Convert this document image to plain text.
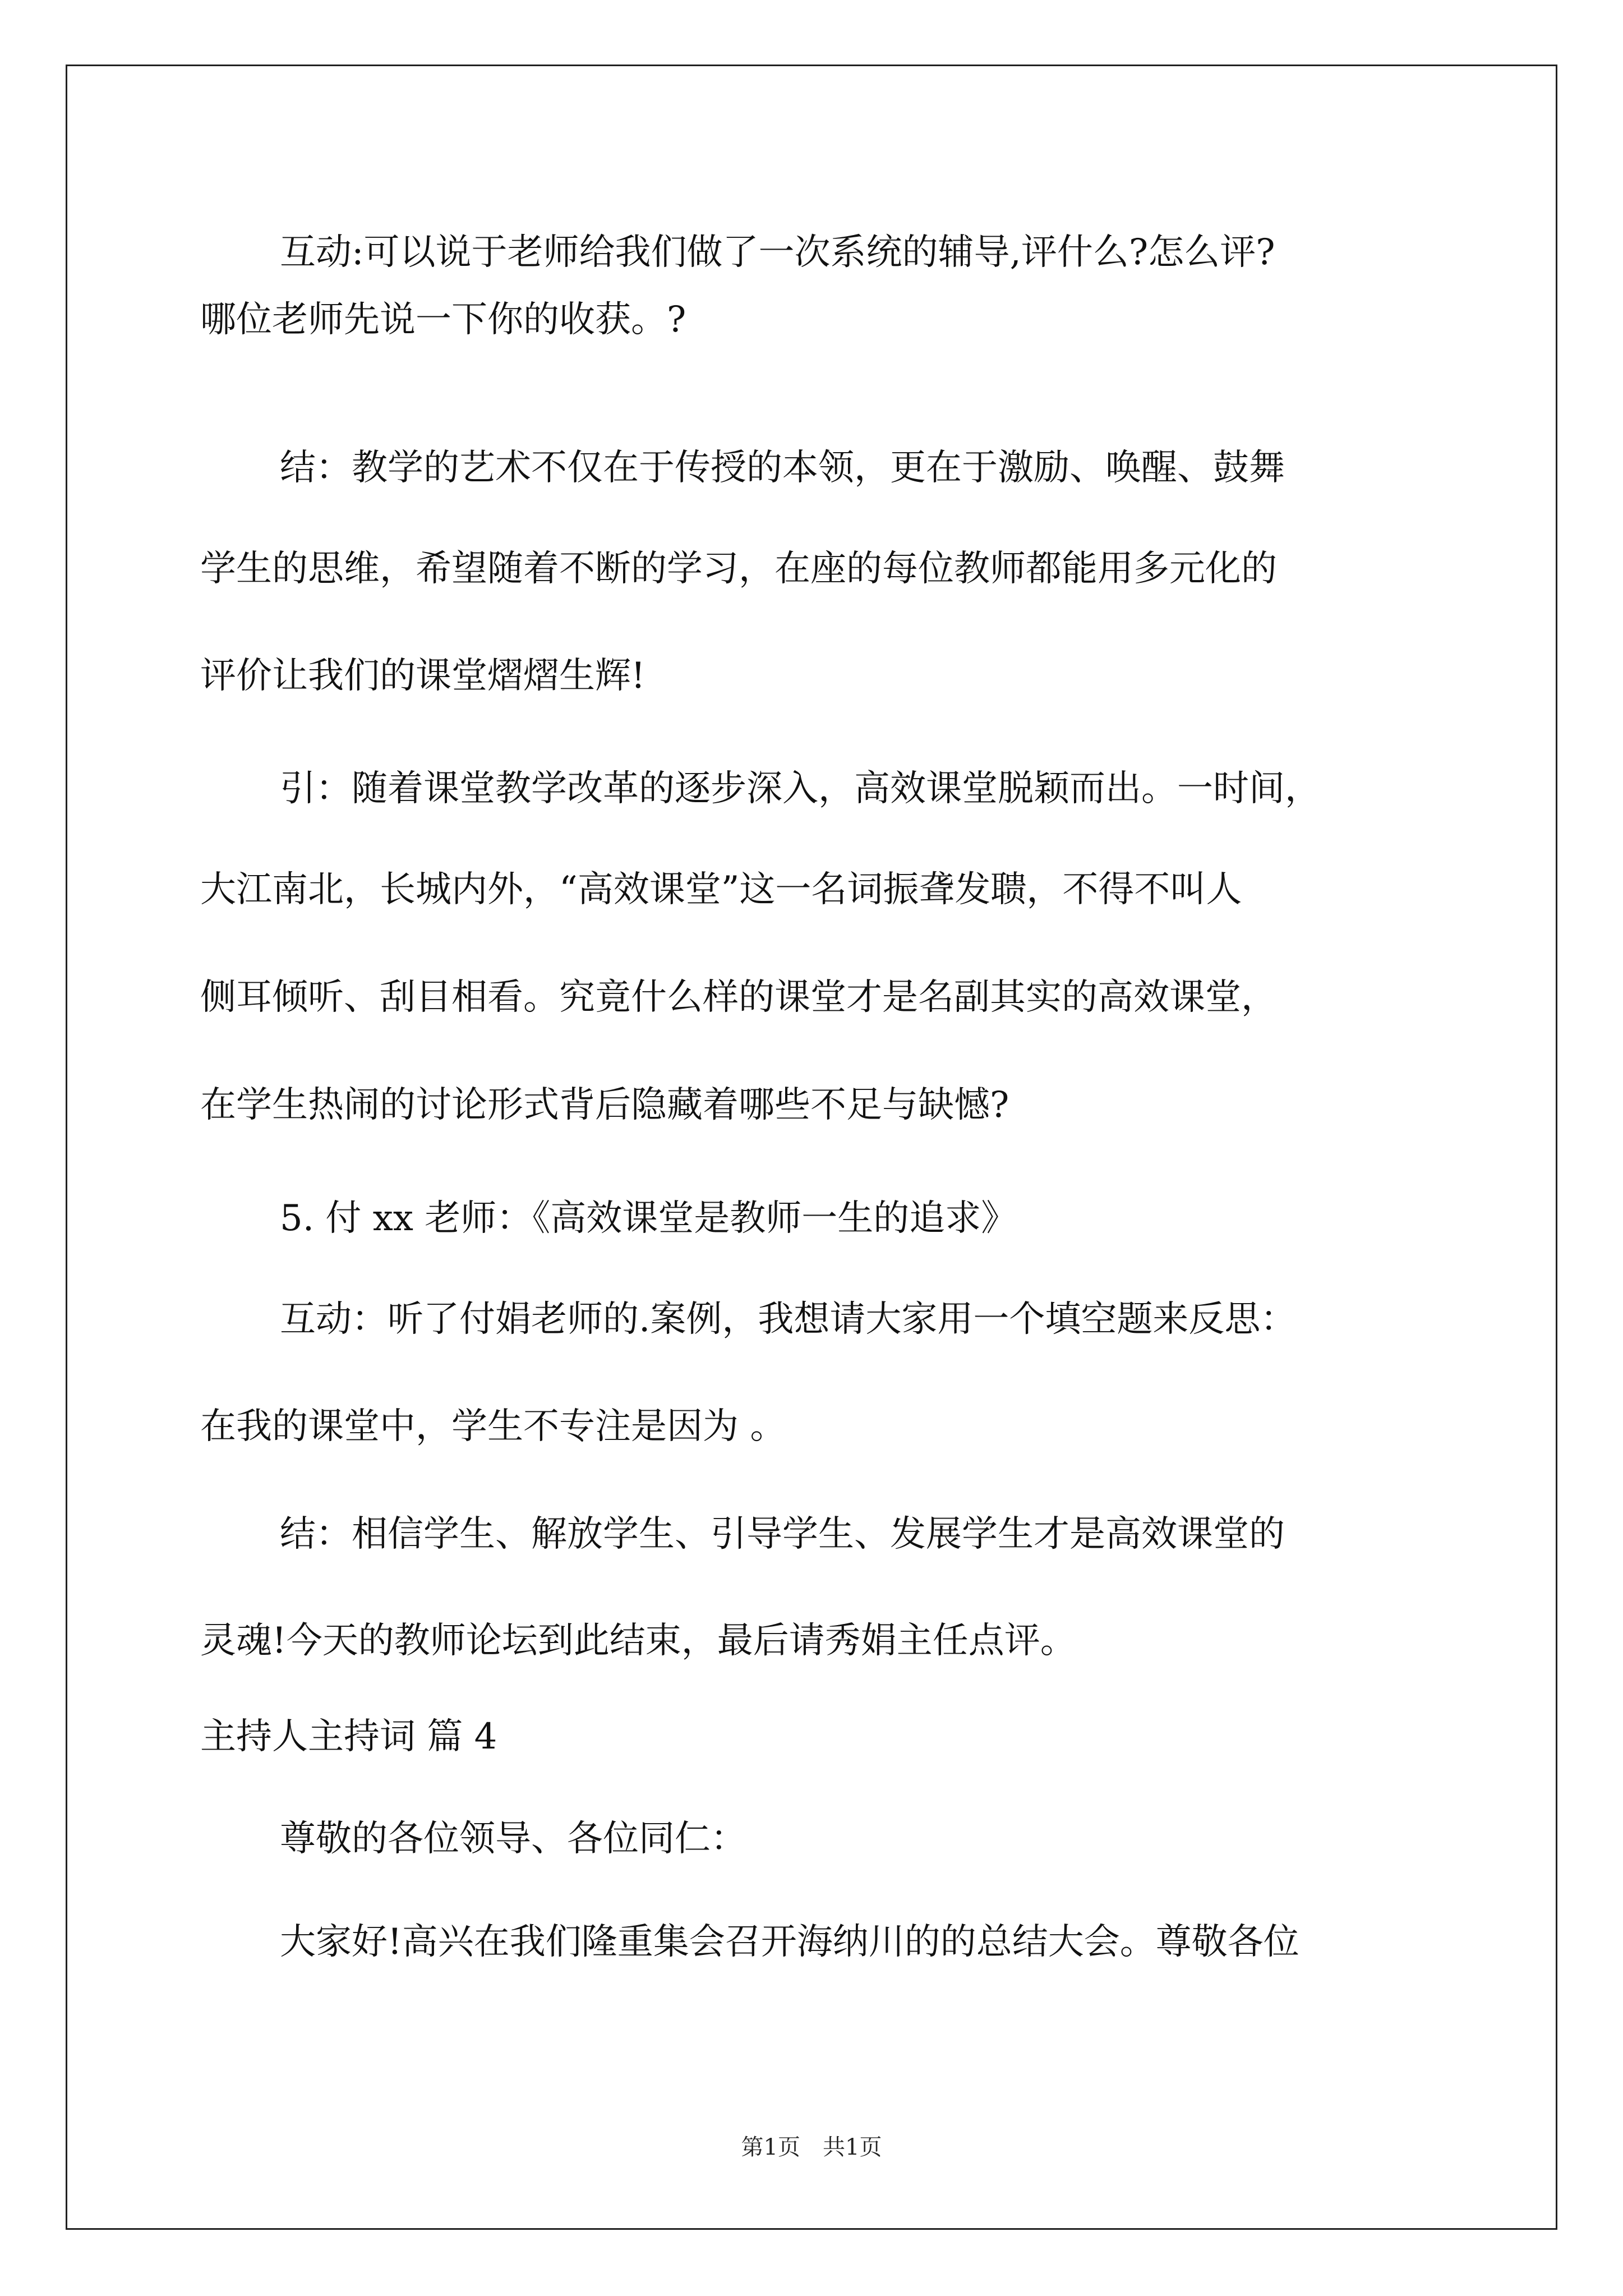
互动:可以说于老师给我们做了一次系统的辅导,评什么?怎么评?
哪位老师先说一下你的收获。?
结：教学的艺术不仅在于传授的本领，更在于激励、唤醒、鼓舞
学生的思维，希望随着不断的学习，在座的每位教师都能用多元化的
评价让我们的课堂熠熠生辉!
引：随着课堂教学改革的逐步深入，高效课堂脱颖而出。一时间，
大江南北，长城内外，“高效课堂”这一名词振聋发聩，不得不叫人
侧耳倾听、刮目相看。究竟什么样的课堂才是名副其实的高效课堂，
在学生热闹的讨论形式背后隐藏着哪些不足与缺憾?
5. 付 xx 老师：《高效课堂是教师一生的追求》
互动：听了付娟老师的.案例，我想请大家用一个填空题来反思：
在我的课堂中，学生不专注是因为 。
结：相信学生、解放学生、引导学生、发展学生才是高效课堂的
灵魂!今天的教师论坛到此结束，最后请秀娟主任点评。
主持人主持词 篇 4
尊敬的各位领导、各位同仁：
大家好!高兴在我们隆重集会召开海纳川的的总结大会。尊敬各位
第1页　共1页
